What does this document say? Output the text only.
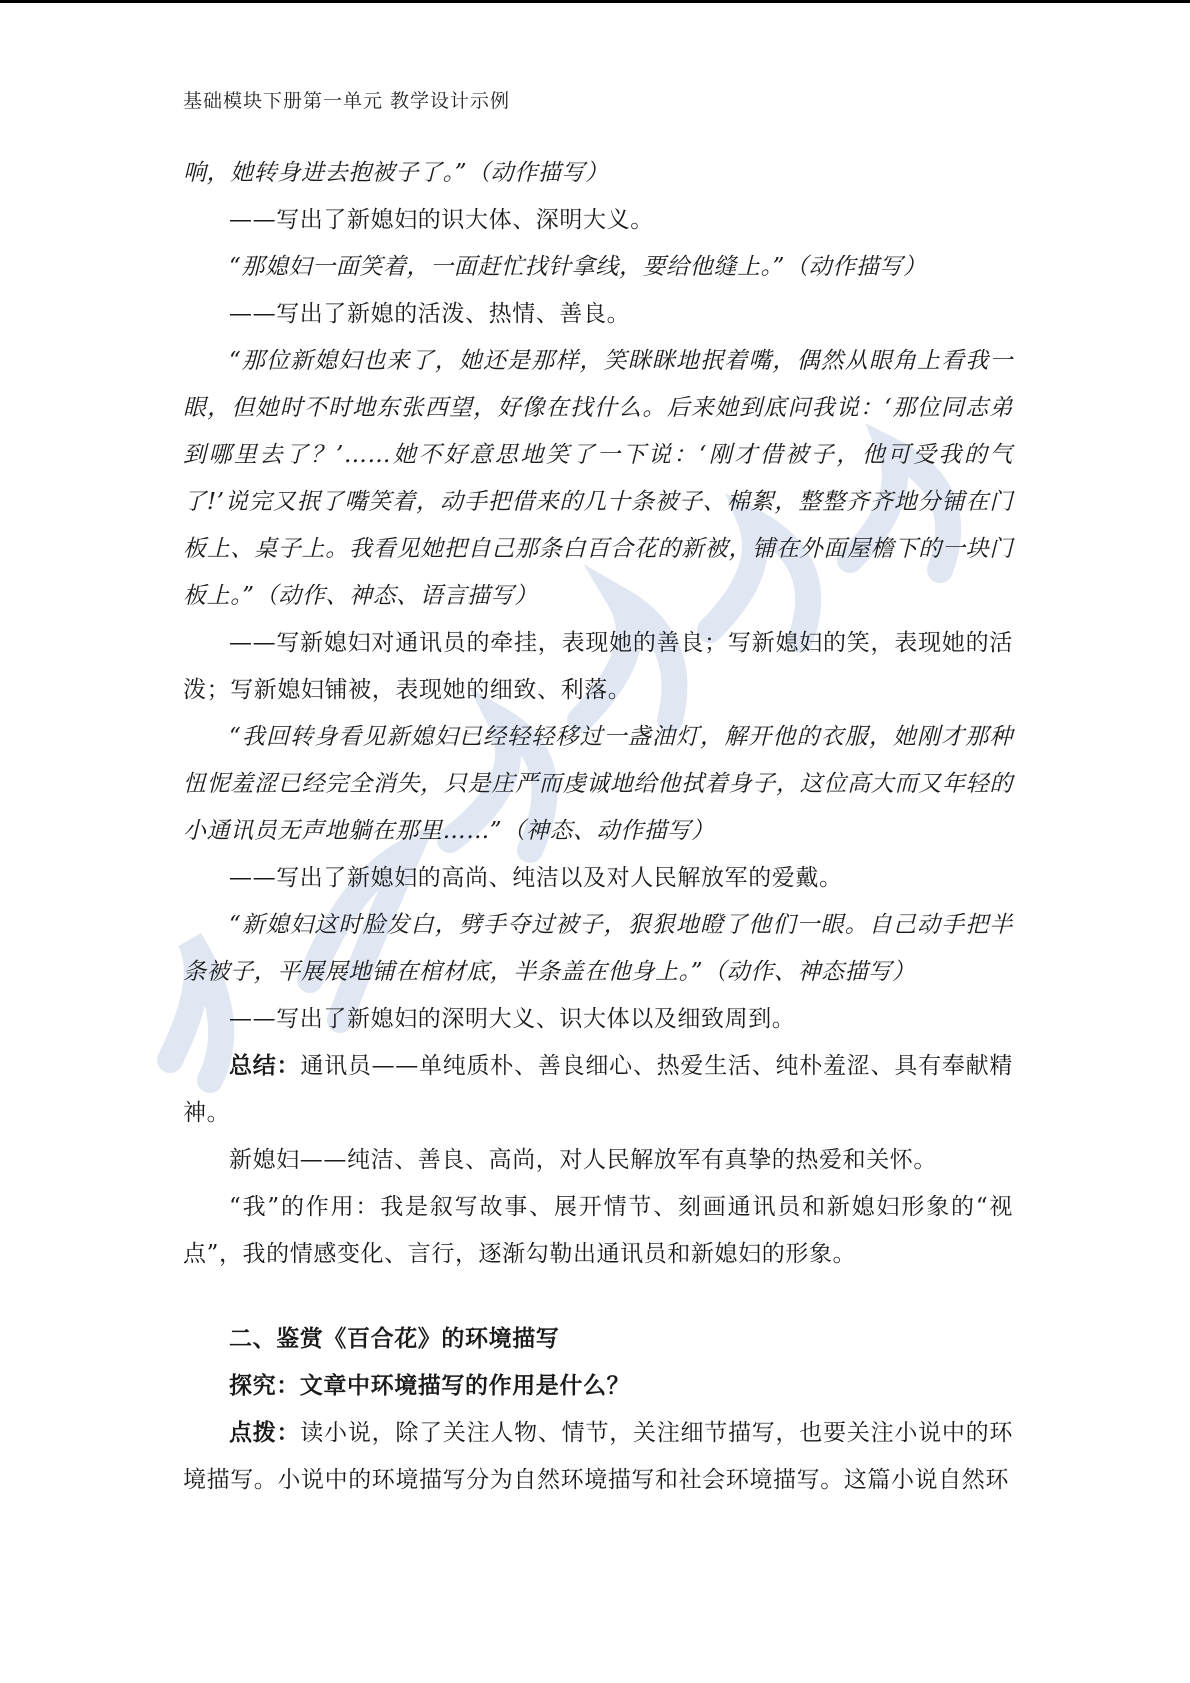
基础模块下册第一单元 教学设计示例

响，她转身进去抱被子了。”（动作描写）

——写出了新媳妇的识大体、深明大义。

“那媳妇一面笑着，一面赶忙找针拿线，要给他缝上。”（动作描写）

——写出了新媳的活泼、热情、善良。

“那位新媳妇也来了，她还是那样，笑眯眯地抿着嘴，偶然从眼角上看我一眼，但她时不时地东张西望，好像在找什么。后来她到底问我说：‘那位同志弟到哪里去了？’……她不好意思地笑了一下说：‘刚才借被子，他可受我的气了!’说完又抿了嘴笑着，动手把借来的几十条被子、棉絮，整整齐齐地分铺在门板上、桌子上。我看见她把自己那条白百合花的新被，铺在外面屋檐下的一块门板上。”（动作、神态、语言描写）

——写新媳妇对通讯员的牵挂，表现她的善良；写新媳妇的笑，表现她的活泼；写新媳妇铺被，表现她的细致、利落。

“我回转身看见新媳妇已经轻轻移过一盏油灯，解开他的衣服，她刚才那种忸怩羞涩已经完全消失，只是庄严而虔诚地给他拭着身子，这位高大而又年轻的小通讯员无声地躺在那里……”（神态、动作描写）

——写出了新媳妇的高尚、纯洁以及对人民解放军的爱戴。

“新媳妇这时脸发白，劈手夺过被子，狠狠地瞪了他们一眼。自己动手把半条被子，平展展地铺在棺材底，半条盖在他身上。”（动作、神态描写）

——写出了新媳妇的深明大义、识大体以及细致周到。

总结：通讯员——单纯质朴、善良细心、热爱生活、纯朴羞涩、具有奉献精神。

新媳妇——纯洁、善良、高尚，对人民解放军有真挚的热爱和关怀。

“我”的作用：我是叙写故事、展开情节、刻画通讯员和新媳妇形象的“视点”，我的情感变化、言行，逐渐勾勒出通讯员和新媳妇的形象。

二、鉴赏《百合花》的环境描写

探究：文章中环境描写的作用是什么？

点拨：读小说，除了关注人物、情节，关注细节描写，也要关注小说中的环境描写。小说中的环境描写分为自然环境描写和社会环境描写。这篇小说自然环
